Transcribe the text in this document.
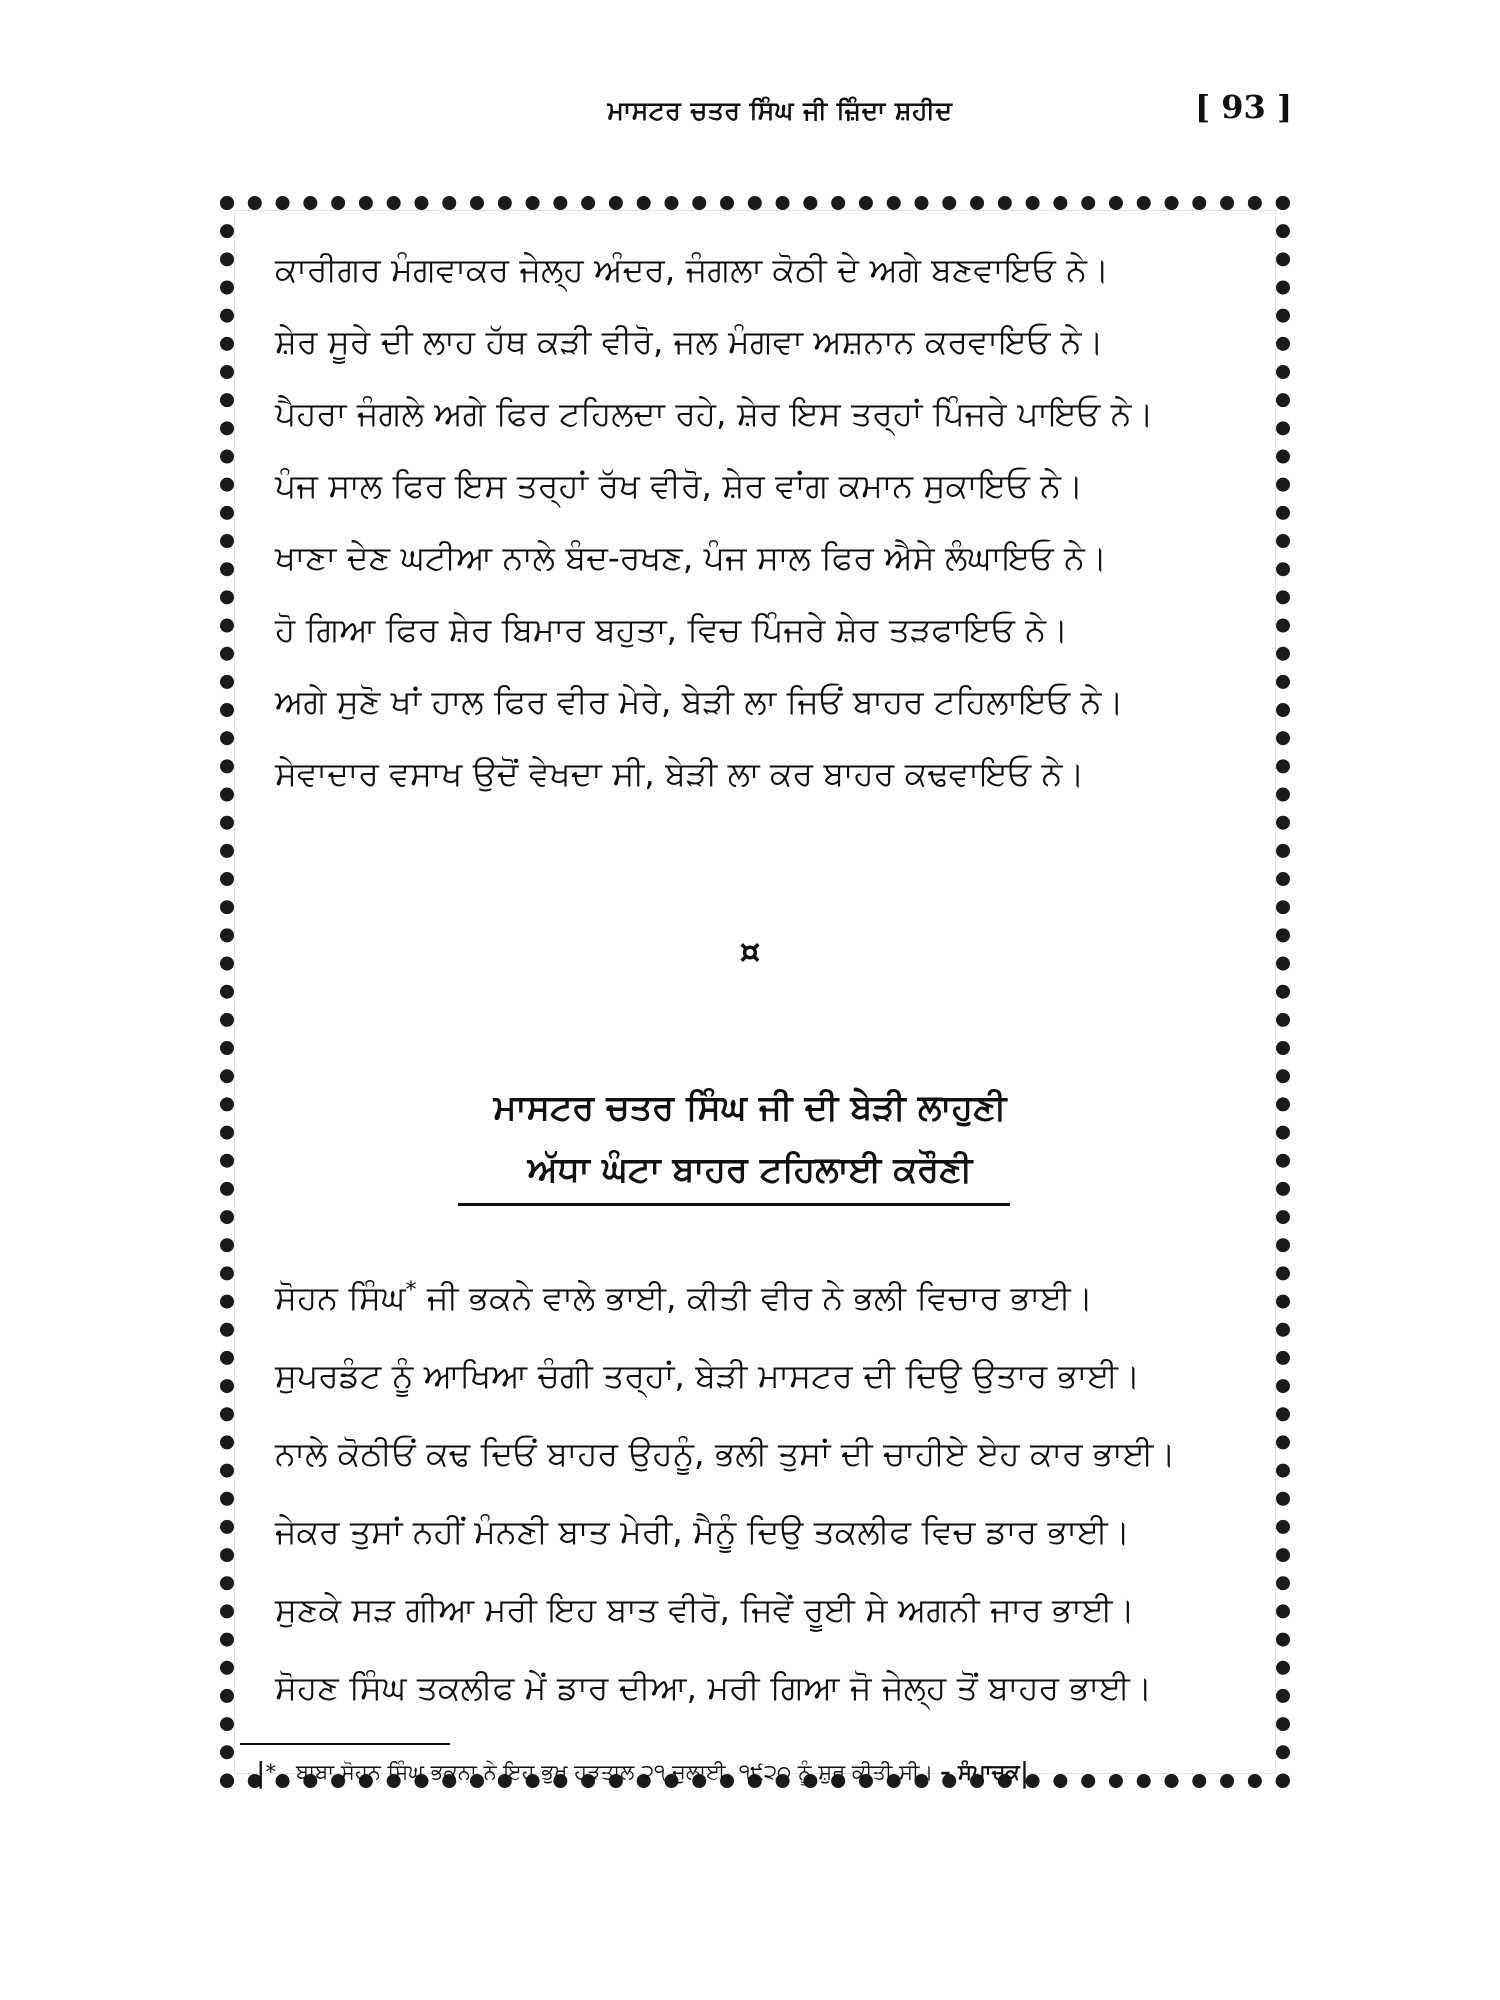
ਮਾਸਟਰ ਚਤਰ ਸਿੰਘ ਜੀ ਜ਼ਿੰਦਾ ਸ਼ਹੀਦ	[ 93 ]
ਕਾਰੀਗਰ ਮੰਗਵਾਕਰ ਜੇਲ੍ਹ ਅੰਦਰ, ਜੰਗਲਾ ਕੋਠੀ ਦੇ ਅਗੇ ਬਣਵਾਇਓ ਨੇ।
ਸ਼ੇਰ ਸੂਰੇ ਦੀ ਲਾਹ ਹੱਥ ਕੜੀ ਵੀਰੋ, ਜਲ ਮੰਗਵਾ ਅਸ਼ਨਾਨ ਕਰਵਾਇਓ ਨੇ।
ਪੈਹਰਾ ਜੰਗਲੇ ਅਗੇ ਫਿਰ ਟਹਿਲਦਾ ਰਹੇ, ਸ਼ੇਰ ਇਸ ਤਰ੍ਹਾਂ ਪਿੰਜਰੇ ਪਾਇਓ ਨੇ।
ਪੰਜ ਸਾਲ ਫਿਰ ਇਸ ਤਰ੍ਹਾਂ ਰੱਖ ਵੀਰੋ, ਸ਼ੇਰ ਵਾਂਗ ਕਮਾਨ ਸੁਕਾਇਓ ਨੇ।
ਖਾਣਾ ਦੇਣ ਘਟੀਆ ਨਾਲੇ ਬੰਦ-ਰਖਣ, ਪੰਜ ਸਾਲ ਫਿਰ ਐਸੇ ਲੰਘਾਇਓ ਨੇ।
ਹੋ ਗਿਆ ਫਿਰ ਸ਼ੇਰ ਬਿਮਾਰ ਬਹੁਤਾ, ਵਿਚ ਪਿੰਜਰੇ ਸ਼ੇਰ ਤੜਫਾਇਓ ਨੇ।
ਅਗੇ ਸੁਣੋ ਖਾਂ ਹਾਲ ਫਿਰ ਵੀਰ ਮੇਰੇ, ਬੇੜੀ ਲਾ ਜਿਓਂ ਬਾਹਰ ਟਹਿਲਾਇਓ ਨੇ।
ਸੇਵਾਦਾਰ ਵਸਾਖ ਉਦੋਂ ਵੇਖਦਾ ਸੀ, ਬੇੜੀ ਲਾ ਕਰ ਬਾਹਰ ਕਢਵਾਇਓ ਨੇ।
¤
ਮਾਸਟਰ ਚਤਰ ਸਿੰਘ ਜੀ ਦੀ ਬੇੜੀ ਲਾਹੁਣੀ
ਅੱਧਾ ਘੰਟਾ ਬਾਹਰ ਟਹਿਲਾਈ ਕਰੌਣੀ
ਸੋਹਨ ਸਿੰਘ* ਜੀ ਭਕਨੇ ਵਾਲੇ ਭਾਈ, ਕੀਤੀ ਵੀਰ ਨੇ ਭਲੀ ਵਿਚਾਰ ਭਾਈ।
ਸੁਪਰਡੰਟ ਨੂੰ ਆਖਿਆ ਚੰਗੀ ਤਰ੍ਹਾਂ, ਬੇੜੀ ਮਾਸਟਰ ਦੀ ਦਿਉ ਉਤਾਰ ਭਾਈ।
ਨਾਲੇ ਕੋਠੀਓਂ ਕਢ ਦਿਓਂ ਬਾਹਰ ਉਹਨੂੰ, ਭਲੀ ਤੁਸਾਂ ਦੀ ਚਾਹੀਏ ਏਹ ਕਾਰ ਭਾਈ।
ਜੇਕਰ ਤੁਸਾਂ ਨਹੀਂ ਮੰਨਣੀ ਬਾਤ ਮੇਰੀ, ਮੈਨੂੰ ਦਿਉ ਤਕਲੀਫ ਵਿਚ ਡਾਰ ਭਾਈ।
ਸੁਣਕੇ ਸੜ ਗੀਆ ਮਰੀ ਇਹ ਬਾਤ ਵੀਰੋ, ਜਿਵੇਂ ਰੂਈ ਸੇ ਅਗਨੀ ਜਾਰ ਭਾਈ।
ਸੋਹਣ ਸਿੰਘ ਤਕਲੀਫ ਮੇਂ ਡਾਰ ਦੀਆ, ਮਰੀ ਗਿਆ ਜੋ ਜੇਲ੍ਹ ਤੋਂ ਬਾਹਰ ਭਾਈ।
|* ਬਾਬਾ ਸੋਹਨ ਸਿੰਘ ਭਕਨਾ ਨੇ ਇਹ ਭੁਖ ਹੜਤਾਲ ੨੧ ਜੁਲਾਈ, ੧੯੨੦ ਨੂੰ ਸ਼ੁਰੂ ਕੀਤੀ ਸੀ। – ਸੰਪਾਦਕ|
